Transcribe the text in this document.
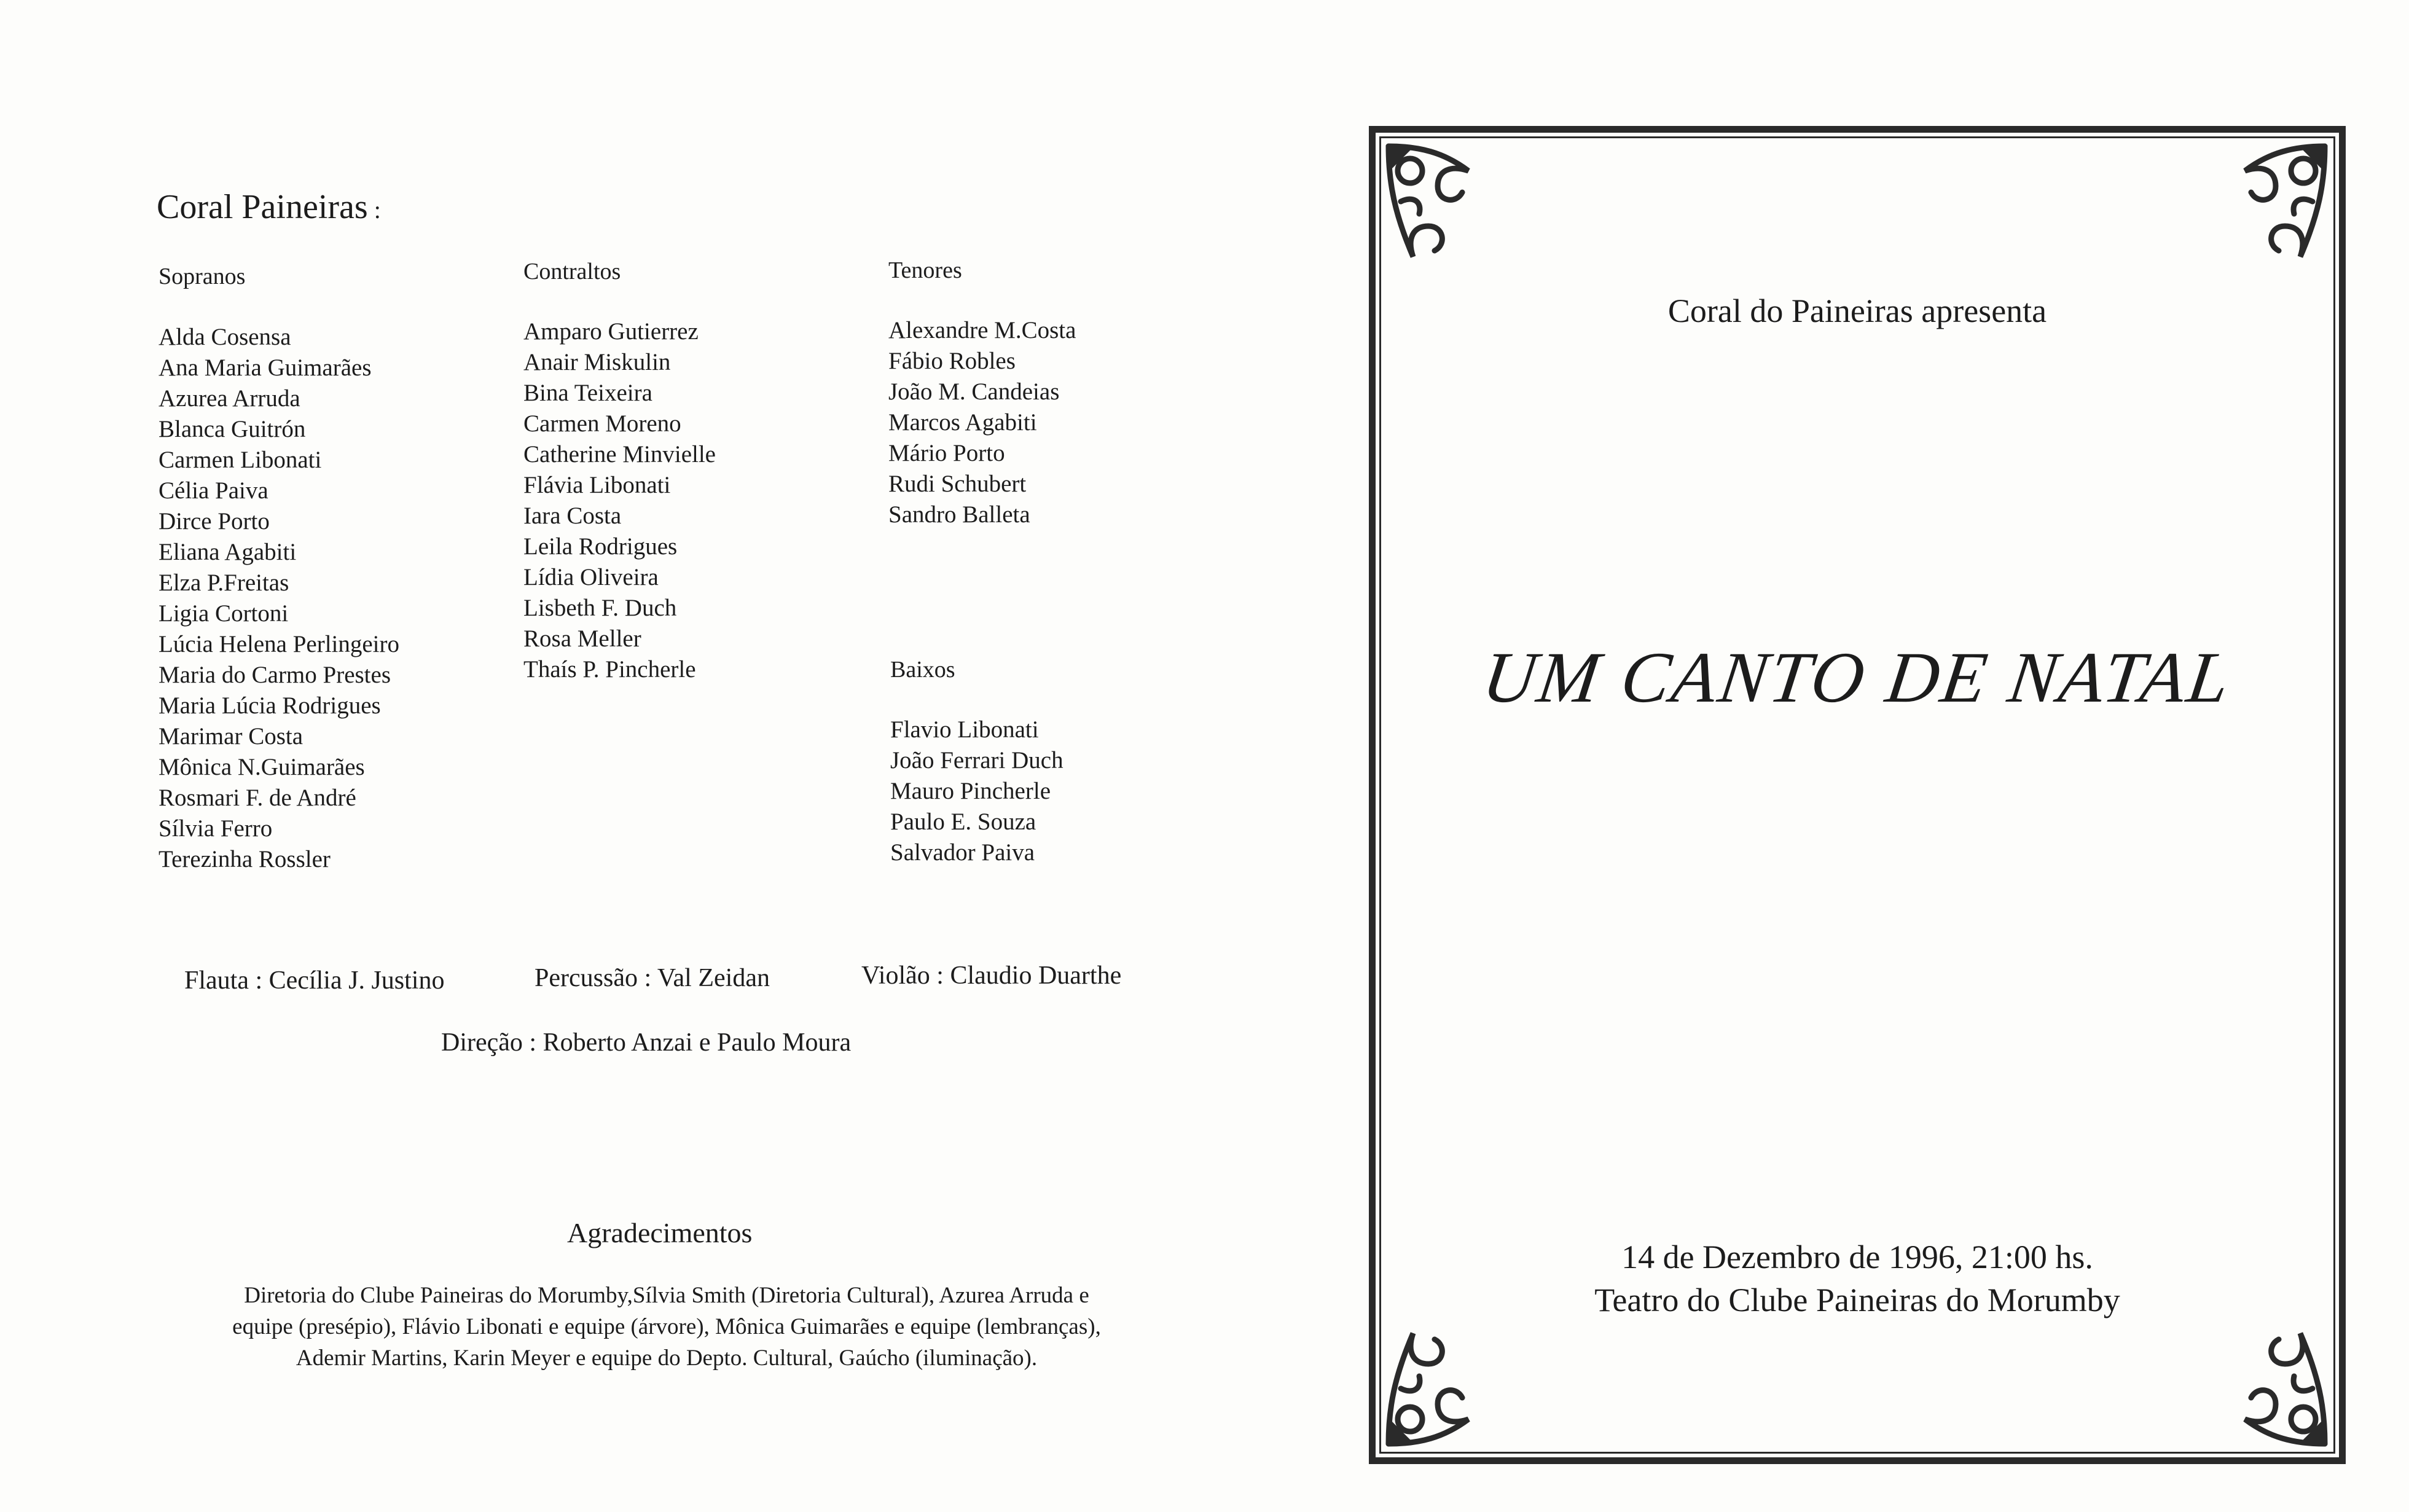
Coral Paineiras :
Sopranos
Alda Cosensa
Ana Maria Guimarães
Azurea Arruda
Blanca Guitrón
Carmen Libonati
Célia Paiva
Dirce Porto
Eliana Agabiti
Elza P.Freitas
Ligia Cortoni
Lúcia Helena Perlingeiro
Maria do Carmo Prestes
Maria Lúcia Rodrigues
Marimar Costa
Mônica N.Guimarães
Rosmari F. de André
Sílvia Ferro
Terezinha Rossler
Contraltos
Amparo Gutierrez
Anair Miskulin
Bina Teixeira
Carmen Moreno
Catherine Minvielle
Flávia Libonati
Iara Costa
Leila Rodrigues
Lídia Oliveira
Lisbeth F. Duch
Rosa Meller
Thaís P. Pincherle
Tenores
Alexandre M.Costa
Fábio Robles
João M. Candeias
Marcos Agabiti
Mário Porto
Rudi Schubert
Sandro Balleta
Baixos
Flavio Libonati
João Ferrari Duch
Mauro Pincherle
Paulo E. Souza
Salvador Paiva
Flauta : Cecília J. Justino	Percussão : Val Zeidan	Violão : Claudio Duarthe
Direção : Roberto Anzai e Paulo Moura
Agradecimentos
Diretoria do Clube Paineiras do Morumby,Sílvia Smith (Diretoria Cultural), Azurea Arruda e
equipe (presépio), Flávio Libonati e equipe (árvore), Mônica Guimarães e equipe (lembranças),
Ademir Martins, Karin Meyer e equipe do Depto. Cultural, Gaúcho (iluminação).
Coral do Paineiras apresenta
UM CANTO DE NATAL
14 de Dezembro de 1996, 21:00 hs.
Teatro do Clube Paineiras do Morumby
